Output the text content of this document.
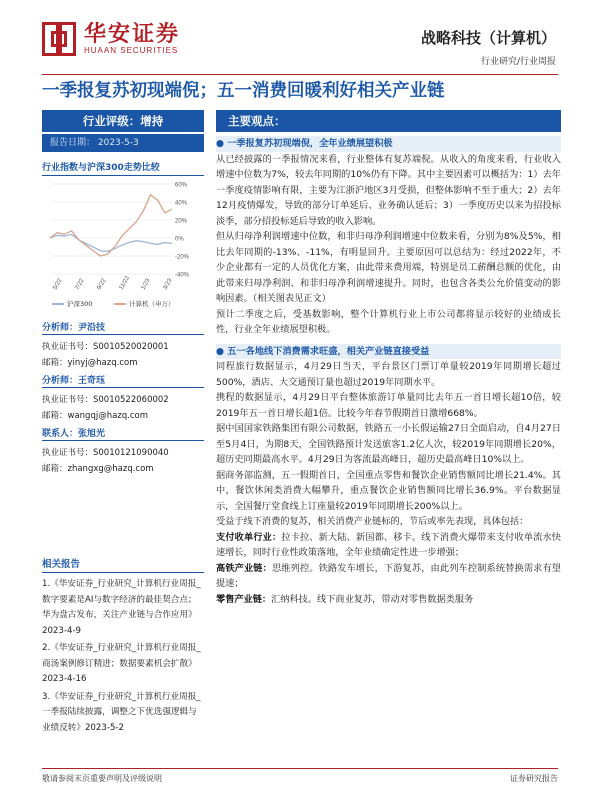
华安证券
HUAAN SECURITIES
战略科技（计算机）
行业研究/行业周报
一季报复苏初现端倪；五一消费回暖利好相关产业链
行业评级：增持
报告日期： 2023-5-3
行业指数与沪深300走势比较
60%
40%
20%
0%
-20%
-40%
5/22 7/22 9/22 11/22 1/23 3/23
沪深300	计算机（申万）
分析师：尹沿技
执业证书号：S0010520020001
邮箱：yinyj@hazq.com
分析师：王奇珏
执业证书号：S0010522060002
邮箱：wangqj@hazq.com
联系人：张旭光
执业证书号：S0010121090040
邮箱：zhangxg@hazq.com
相关报告
1.《华安证券_行业研究_计算机行业周报_数字要素是AI与数字经济的最佳契合点；华为盘古发布，关注产业链与合作应用》2023-4-9
2.《华安证券_行业研究_计算机行业周报_商汤案例修订精进；数据要素机会扩散》2023-4-16
3.《华安证券_行业研究_计算机行业周报_一季报陆续披露，调整之下优选强逻辑与业绩反转》2023-5-2
主要观点：
● 一季报复苏初现端倪，全年业绩展望积极
从已经披露的一季报情况来看，行业整体有复苏端倪。从收入的角度来看，行业收入增速中位数为7%，较去年同期的10%仍有下降。其中主要因素可以概括为：1）去年一季度疫情影响有限，主要为江浙沪地区3月受损，但整体影响不至于重大；2）去年12月疫情爆发，导致的部分订单延后、业务确认延后；3）一季度历史以来为招投标淡季，部分招投标延后导致的收入影响。
但从归母净利润增速中位数，和非归母净利润增速中位数来看，分别为8%及5%，相比去年同期的-13%、-11%，有明显回升。主要原因可以总结为：经过2022年，不少企业都有一定的人员优化方案，由此带来费用端，特别是员工薪酬总额的优化，由此带来归母净利润、和非归母净利润增速提升。同时，也包含各类公允价值变动的影响因素。（相关图表见正文）
预计二季度之后，受基数影响，整个计算机行业上市公司都将显示较好的业绩成长性，行业全年业绩展望积极。
● 五一各地线下消费需求旺盛，相关产业链直接受益
同程旅行数据显示，4月29日当天，平台景区门票订单量较2019年同期增长超过500%，酒店、大交通预订量也超过2019年同期水平。
携程的数据显示，4月29日平台整体旅游订单量同比去年五一首日增长超10倍，较2019年五一首日增长超1倍。比较今年春节假期首日激增668%。
据中国国家铁路集团有限公司数据，铁路五一小长假运输27日全面启动，自4月27日至5月4日，为期8天，全国铁路预计发送旅客1.2亿人次，较2019年同期增长20%，超历史同期最高水平。4月29日为客流最高峰日，超历史最高峰日10%以上。
据商务部监测，五一假期首日，全国重点零售和餐饮企业销售额同比增长21.4%。其中，餐饮休闲类消费大幅攀升，重点餐饮企业销售额同比增长36.9%。平台数据显示，全国餐厅堂食线上订座量较2019年同期增长200%以上。
受益于线下消费的复苏，相关消费产业链标的，节后或率先表现，具体包括：
支付收单行业：拉卡拉、新大陆、新国都、移卡。线下消费火爆带来支付收单流水快速增长，同时行业性政策落地，全年业绩确定性进一步增强；
高铁产业链：思维列控。铁路发车增长，下游复苏，由此列车控制系统替换需求有望提速；
零售产业链：汇纳科技。线下商业复苏，带动对零售数据类服务
敬请参阅末页重要声明及评级说明	证券研究报告
